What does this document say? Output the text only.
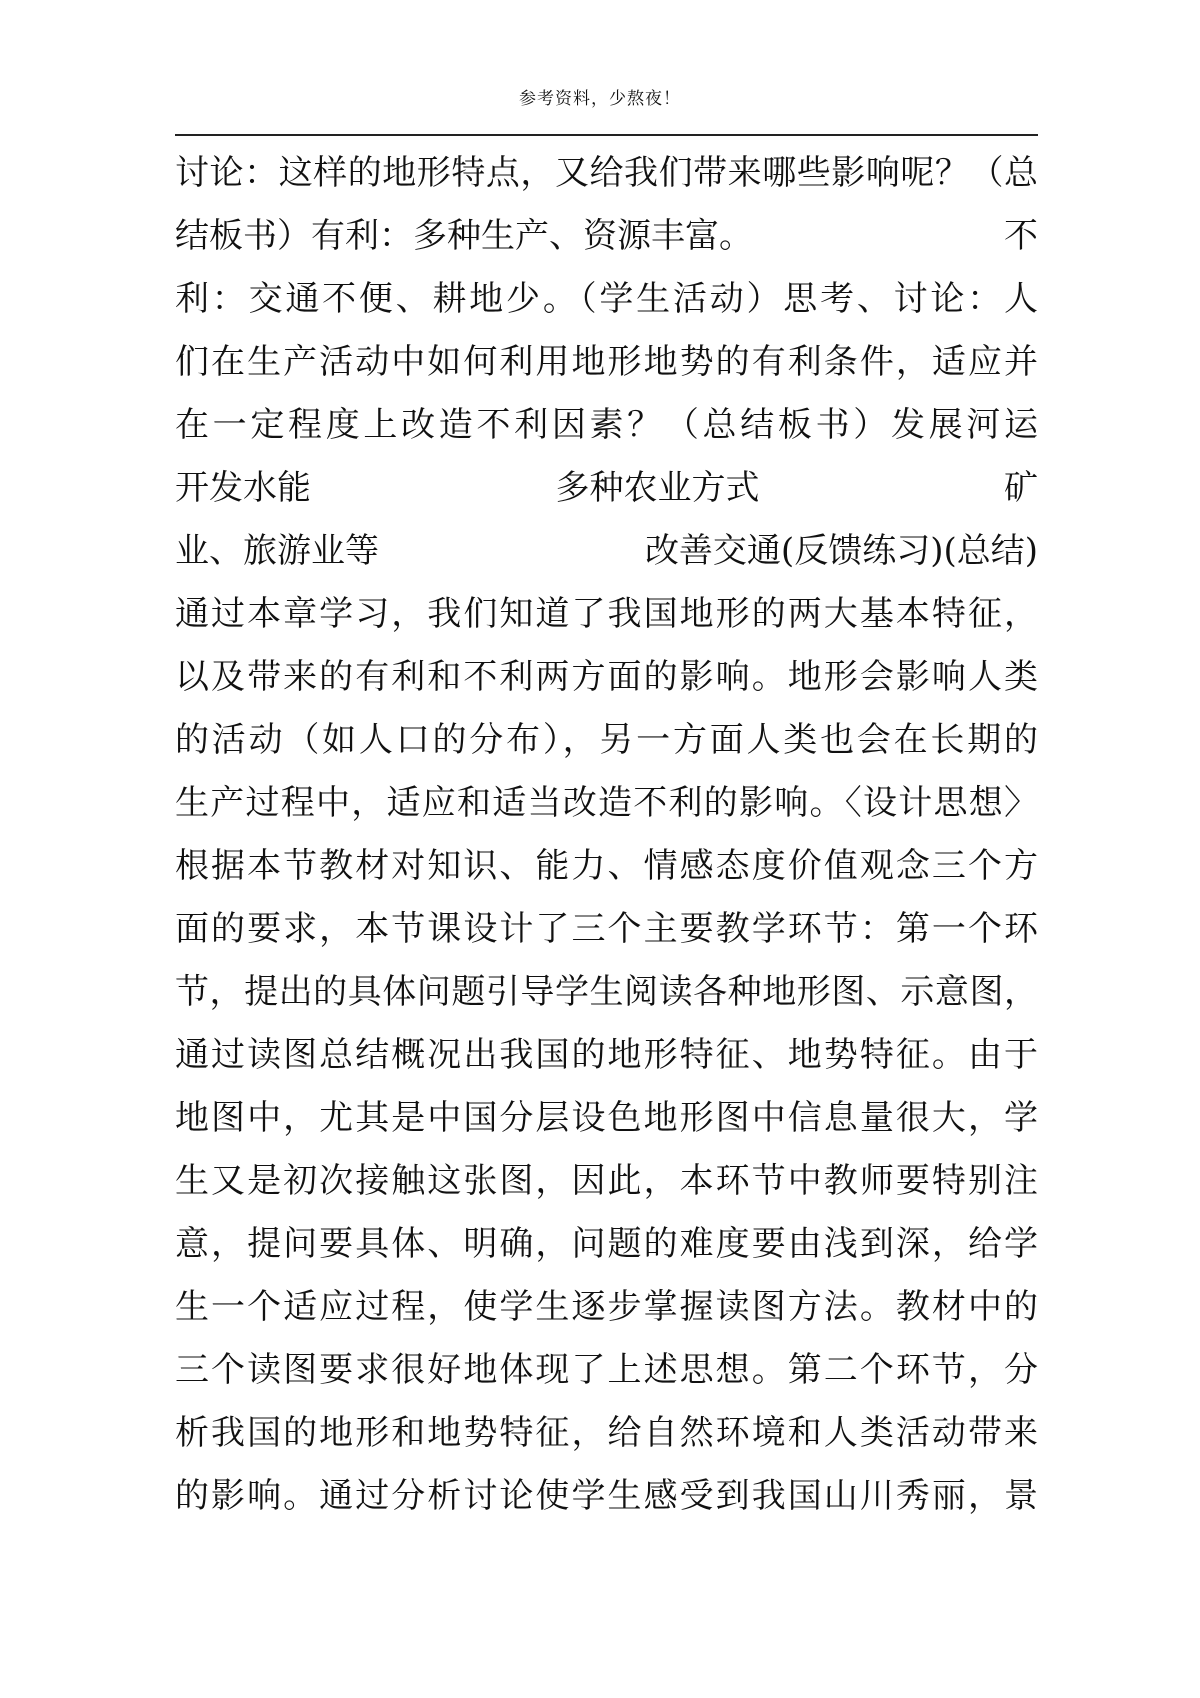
参考资料，少熬夜！
讨论：这样的地形特点，又给我们带来哪些影响呢？（总
结板书）有利：多种生产、资源丰富。	不
利：交通不便、耕地少。（学生活动）思考、讨论：人
们在生产活动中如何利用地形地势的有利条件，适应并
在一定程度上改造不利因素？（总结板书）发展河运
开发水能	多种农业方式	矿
业、旅游业等	改善交通(反馈练习)(总结)
通过本章学习，我们知道了我国地形的两大基本特征，
以及带来的有利和不利两方面的影响。地形会影响人类
的活动（如人口的分布），另一方面人类也会在长期的
生产过程中，适应和适当改造不利的影响。〈设计思想〉
根据本节教材对知识、能力、情感态度价值观念三个方
面的要求，本节课设计了三个主要教学环节：第一个环
节，提出的具体问题引导学生阅读各种地形图、示意图，
通过读图总结概况出我国的地形特征、地势特征。由于
地图中，尤其是中国分层设色地形图中信息量很大，学
生又是初次接触这张图，因此，本环节中教师要特别注
意，提问要具体、明确，问题的难度要由浅到深，给学
生一个适应过程，使学生逐步掌握读图方法。教材中的
三个读图要求很好地体现了上述思想。第二个环节，分
析我国的地形和地势特征，给自然环境和人类活动带来
的影响。通过分析讨论使学生感受到我国山川秀丽，景
